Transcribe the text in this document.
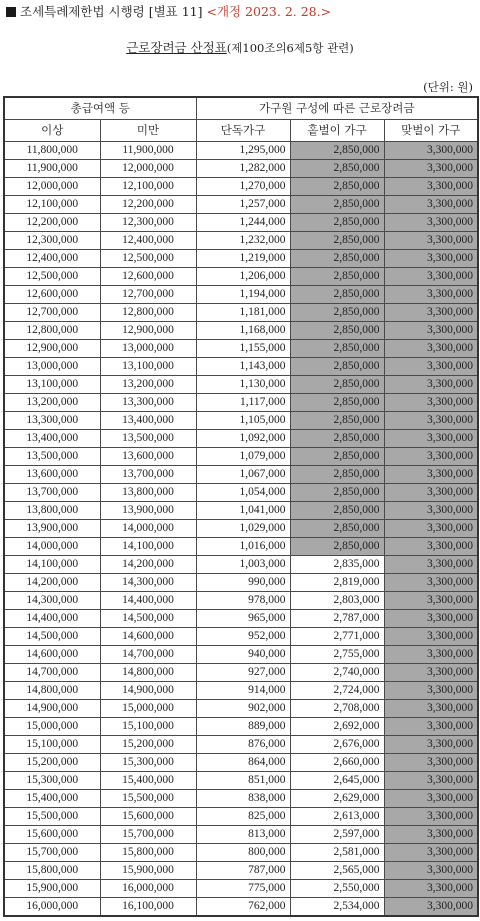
조세특례제한법 시행령 [별표 11] <개정 2023. 2. 28.>
근로장려금 산정표(제100조의6제5항 관련)
(단위: 원)
총급여액 등		가구원 구성에 따른 근로장려금		
이상	미만	단독가구	홑벌이 가구	맞벌이 가구
11,800,000	11,900,000	1,295,000	2,850,000	3,300,000
11,900,000	12,000,000	1,282,000	2,850,000	3,300,000
12,000,000	12,100,000	1,270,000	2,850,000	3,300,000
12,100,000	12,200,000	1,257,000	2,850,000	3,300,000
12,200,000	12,300,000	1,244,000	2,850,000	3,300,000
12,300,000	12,400,000	1,232,000	2,850,000	3,300,000
12,400,000	12,500,000	1,219,000	2,850,000	3,300,000
12,500,000	12,600,000	1,206,000	2,850,000	3,300,000
12,600,000	12,700,000	1,194,000	2,850,000	3,300,000
12,700,000	12,800,000	1,181,000	2,850,000	3,300,000
12,800,000	12,900,000	1,168,000	2,850,000	3,300,000
12,900,000	13,000,000	1,155,000	2,850,000	3,300,000
13,000,000	13,100,000	1,143,000	2,850,000	3,300,000
13,100,000	13,200,000	1,130,000	2,850,000	3,300,000
13,200,000	13,300,000	1,117,000	2,850,000	3,300,000
13,300,000	13,400,000	1,105,000	2,850,000	3,300,000
13,400,000	13,500,000	1,092,000	2,850,000	3,300,000
13,500,000	13,600,000	1,079,000	2,850,000	3,300,000
13,600,000	13,700,000	1,067,000	2,850,000	3,300,000
13,700,000	13,800,000	1,054,000	2,850,000	3,300,000
13,800,000	13,900,000	1,041,000	2,850,000	3,300,000
13,900,000	14,000,000	1,029,000	2,850,000	3,300,000
14,000,000	14,100,000	1,016,000	2,850,000	3,300,000
14,100,000	14,200,000	1,003,000	2,835,000	3,300,000
14,200,000	14,300,000	990,000	2,819,000	3,300,000
14,300,000	14,400,000	978,000	2,803,000	3,300,000
14,400,000	14,500,000	965,000	2,787,000	3,300,000
14,500,000	14,600,000	952,000	2,771,000	3,300,000
14,600,000	14,700,000	940,000	2,755,000	3,300,000
14,700,000	14,800,000	927,000	2,740,000	3,300,000
14,800,000	14,900,000	914,000	2,724,000	3,300,000
14,900,000	15,000,000	902,000	2,708,000	3,300,000
15,000,000	15,100,000	889,000	2,692,000	3,300,000
15,100,000	15,200,000	876,000	2,676,000	3,300,000
15,200,000	15,300,000	864,000	2,660,000	3,300,000
15,300,000	15,400,000	851,000	2,645,000	3,300,000
15,400,000	15,500,000	838,000	2,629,000	3,300,000
15,500,000	15,600,000	825,000	2,613,000	3,300,000
15,600,000	15,700,000	813,000	2,597,000	3,300,000
15,700,000	15,800,000	800,000	2,581,000	3,300,000
15,800,000	15,900,000	787,000	2,565,000	3,300,000
15,900,000	16,000,000	775,000	2,550,000	3,300,000
16,000,000	16,100,000	762,000	2,534,000	3,300,000
